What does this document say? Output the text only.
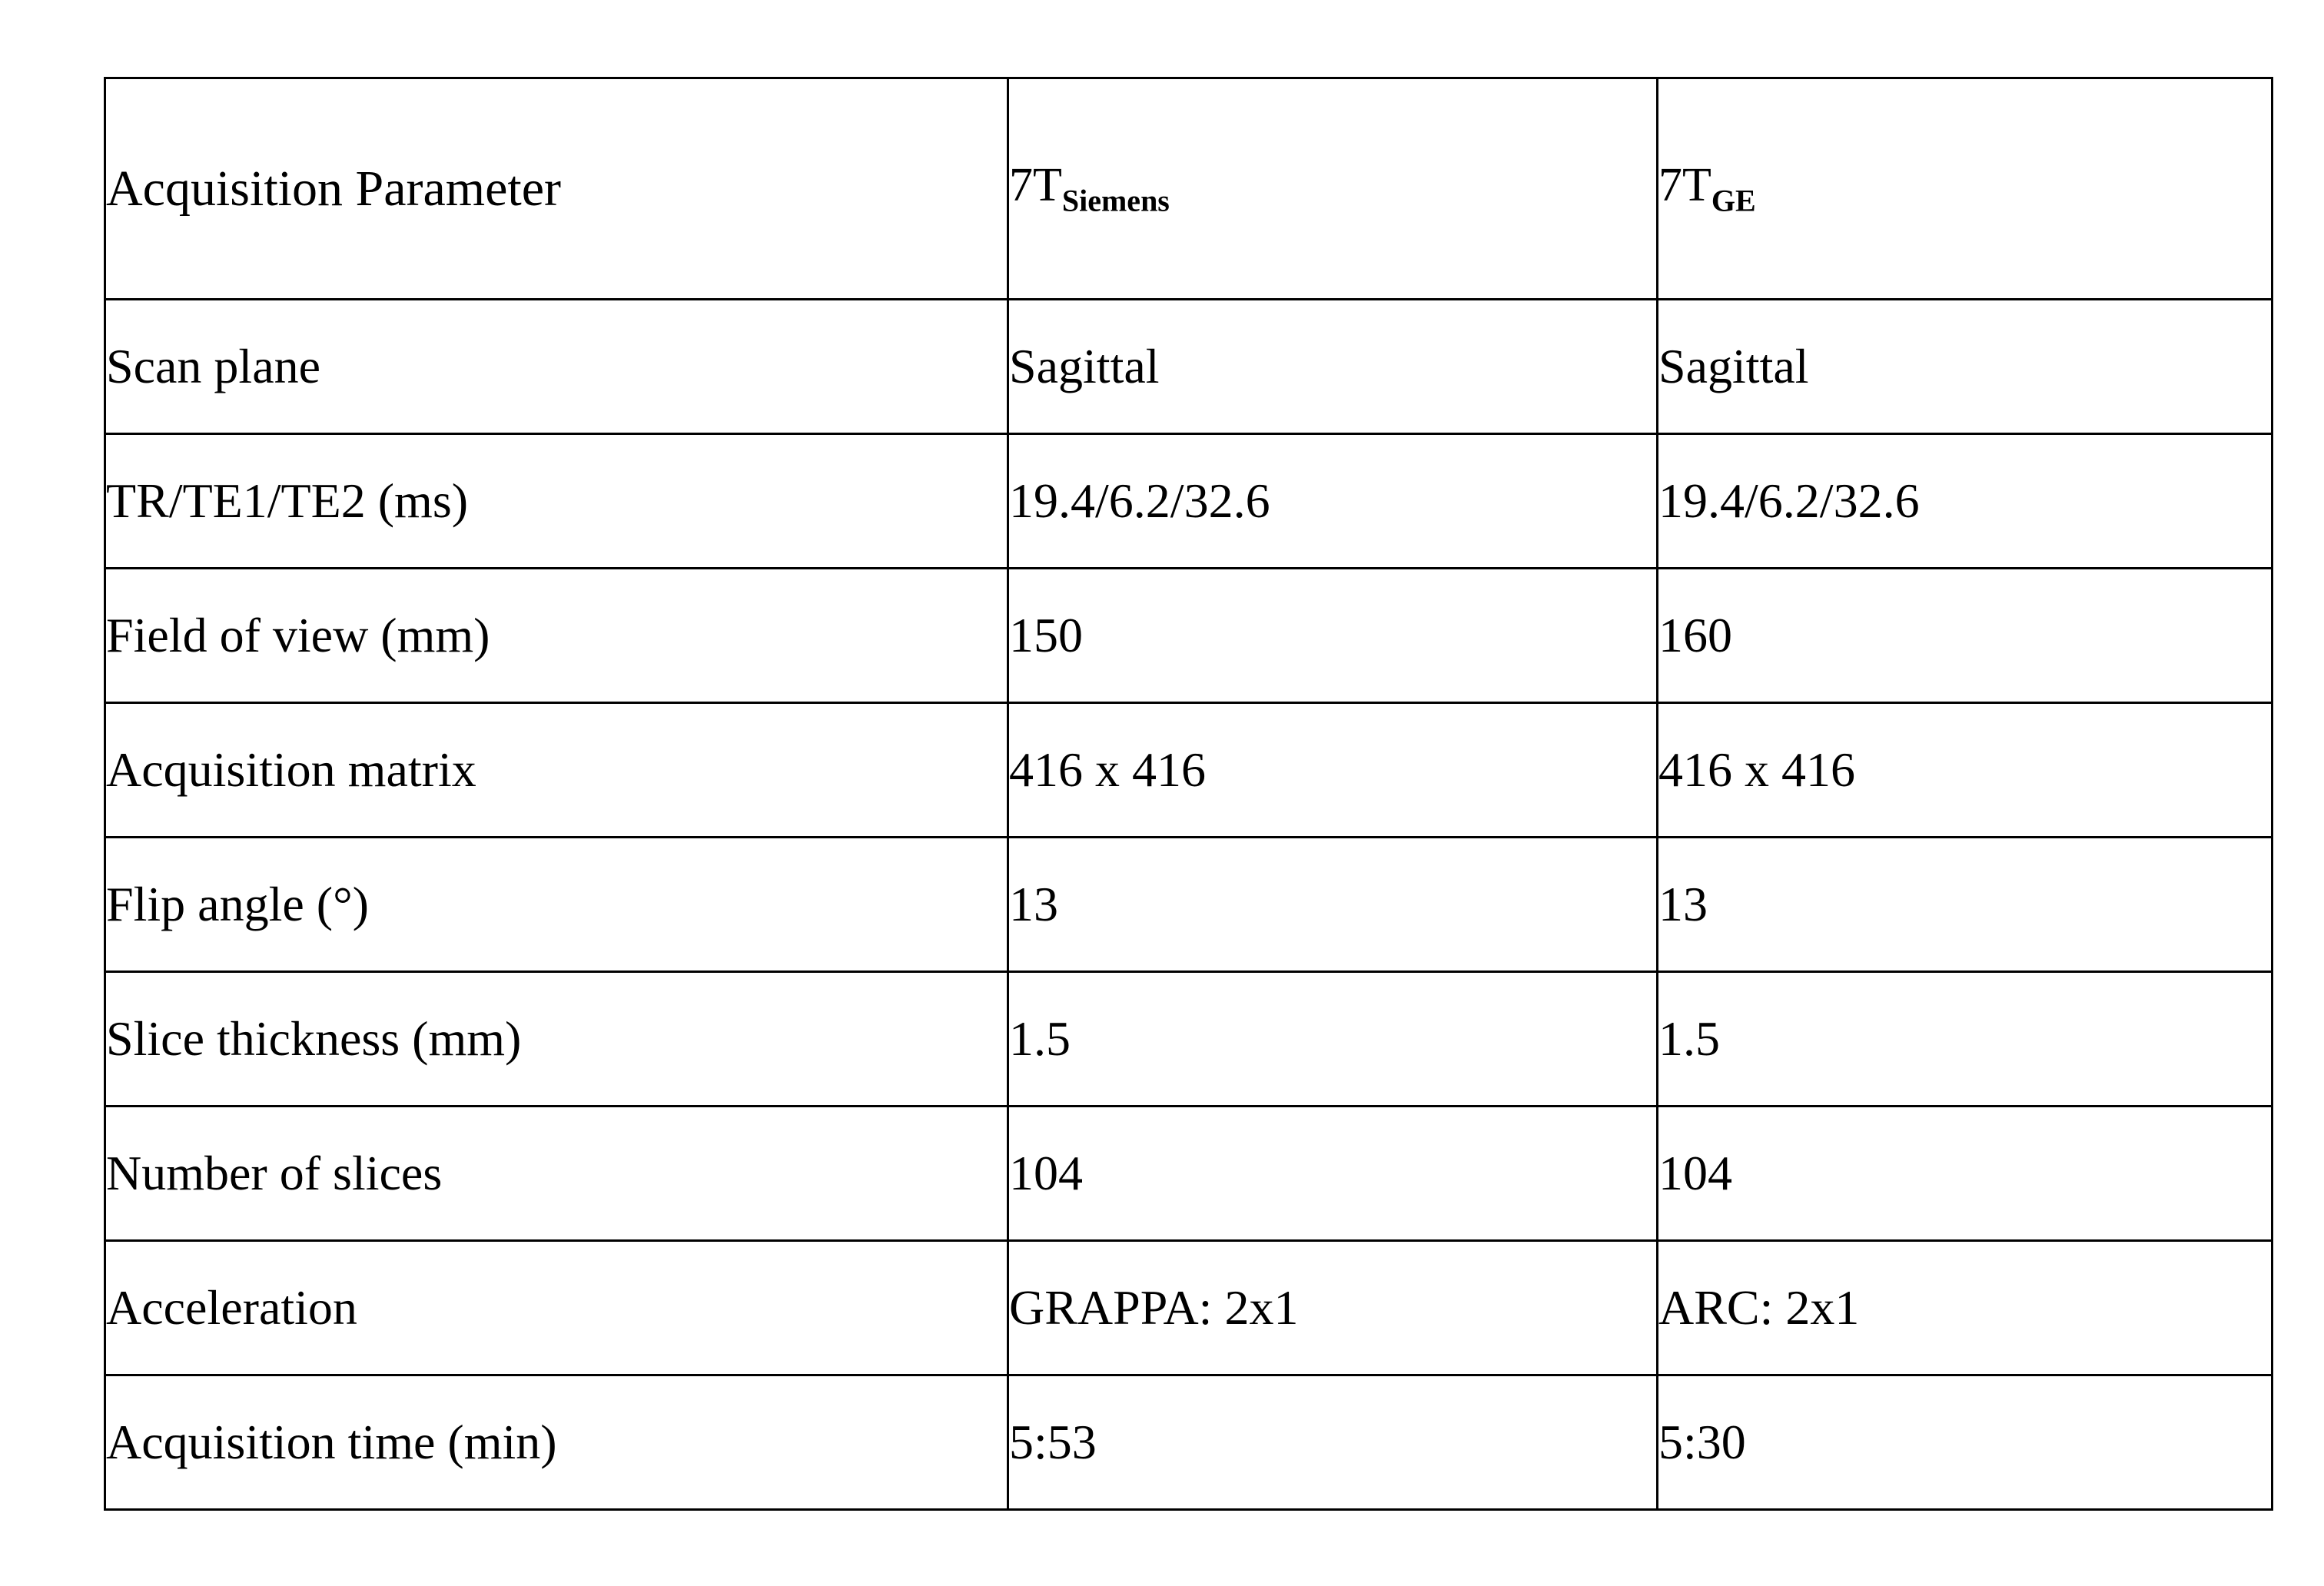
Acquisition Parameter	$7T_{Siemens}$	$7T_{GE}$
Scan plane	Sagittal	Sagittal
TR/TE1/TE2 (ms)	19.4/6.2/32.6	19.4/6.2/32.6
Field of view (mm)	150	160
Acquisition matrix	416 x 416	416 x 416
Flip angle (°)	13	13
Slice thickness (mm)	1.5	1.5
Number of slices	104	104
Acceleration	GRAPPA: 2x1	ARC: 2x1
Acquisition time (min)	5:53	5:30
